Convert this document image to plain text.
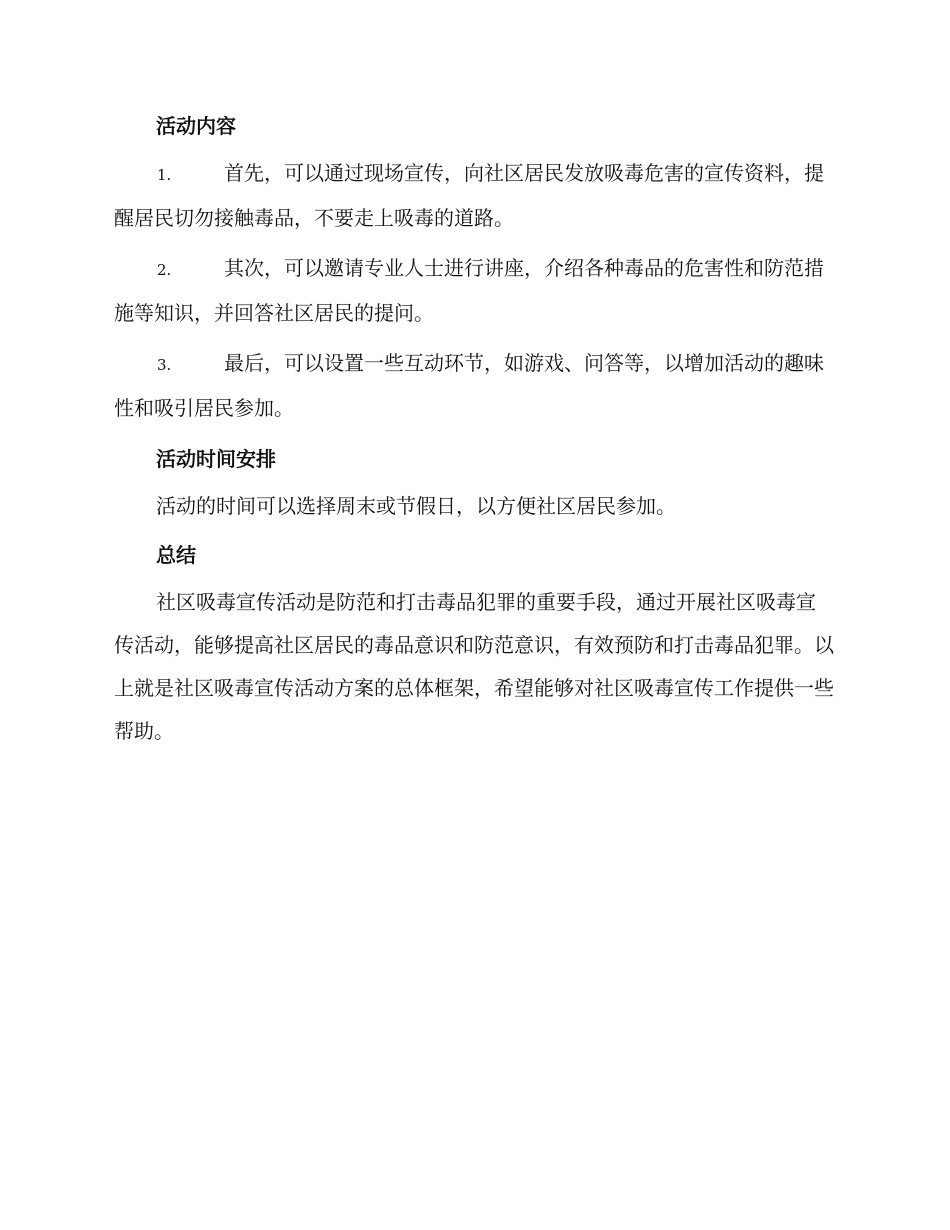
活动内容
1.	首先，可以通过现场宣传，向社区居民发放吸毒危害的宣传资料，提醒居民切勿接触毒品，不要走上吸毒的道路。
2.	其次，可以邀请专业人士进行讲座，介绍各种毒品的危害性和防范措施等知识，并回答社区居民的提问。
3.	最后，可以设置一些互动环节，如游戏、问答等，以增加活动的趣味性和吸引居民参加。
活动时间安排

活动的时间可以选择周末或节假日，以方便社区居民参加。

总结

社区吸毒宣传活动是防范和打击毒品犯罪的重要手段，通过开展社区吸毒宣传活动，能够提高社区居民的毒品意识和防范意识，有效预防和打击毒品犯罪。以上就是社区吸毒宣传活动方案的总体框架，希望能够对社区吸毒宣传工作提供一些帮助。
